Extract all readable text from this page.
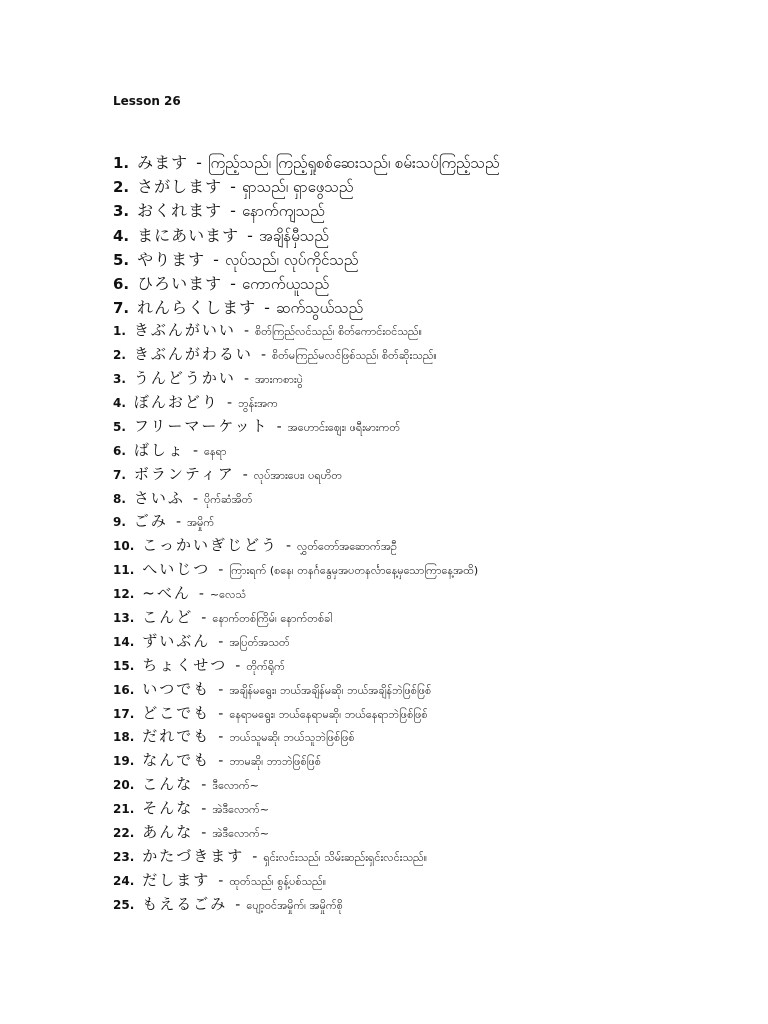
Lesson 26
1. みます - ကြည့်သည်၊ ကြည့်ရှုစစ်ဆေးသည်၊ စမ်းသပ်ကြည့်သည်
2. さがします - ရှာသည်၊ ရှာဖွေသည်
3. おくれます - နောက်ကျသည်
4. まにあいます - အချိန်မှီသည်
5. やります - လုပ်သည်၊ လုပ်ကိုင်သည်
6. ひろいます - ကောက်ယူသည်
7. れんらくします - ဆက်သွယ်သည်
1. きぶんがいい - စိတ်ကြည်လင်သည်၊ စိတ်ကောင်းဝင်သည်။
2. きぶんがわるい - စိတ်မကြည်မလင်ဖြစ်သည်၊ စိတ်ဆိုးသည်။
3. うんどうかい - အားကစားပွဲ
4. ぼんおどり - ဘွန်းအက
5. フリーマーケット - အဟောင်းဈေး၊ ဖရီးမားကတ်
6. ばしょ - နေရာ
7. ボランティア - လုပ်အားပေး၊ ပရဟိတ
8. さいふ - ပိုက်ဆံအိတ်
9. ごみ - အမှိုက်
10. こっかいぎじどう - လွှတ်တော်အဆောက်အဦ
11. へいじつ - ကြားရက် (စနေ၊ တနင်္ဂနွေမှအပတနင်္လာနေ့မှသောကြာနေ့အထိ)
12. ~べん - ~လေသံ
13. こんど - နောက်တစ်ကြိမ်၊ နောက်တစ်ခါ
14. ずいぶん - အပြတ်အသတ်
15. ちょくせつ - တိုက်ရိုက်
16. いつでも - အချိန်မရွေး၊ ဘယ်အချိန်မဆို၊ ဘယ်အချိန်ဘဲဖြစ်ဖြစ်
17. どこでも - နေရာမရွေး၊ ဘယ်နေရာမဆို၊ ဘယ်နေရာဘဲဖြစ်ဖြစ်
18. だれでも - ဘယ်သူမဆို၊ ဘယ်သူဘဲဖြစ်ဖြစ်
19. なんでも - ဘာမဆို၊ ဘာဘဲဖြစ်ဖြစ်
20. こんな - ဒီလောက်~
21. そんな - အဲဒီလောက်~
22. あんな - အဲဒီလောက်~
23. かたづきます - ရှင်းလင်းသည်၊ သိမ်းဆည်းရှင်းလင်းသည်။
24. だします - ထုတ်သည်၊ စွန့်ပစ်သည်။
25. もえるごみ - ပျော့ဝင်အမှိုက်၊ အမှိုက်စို
